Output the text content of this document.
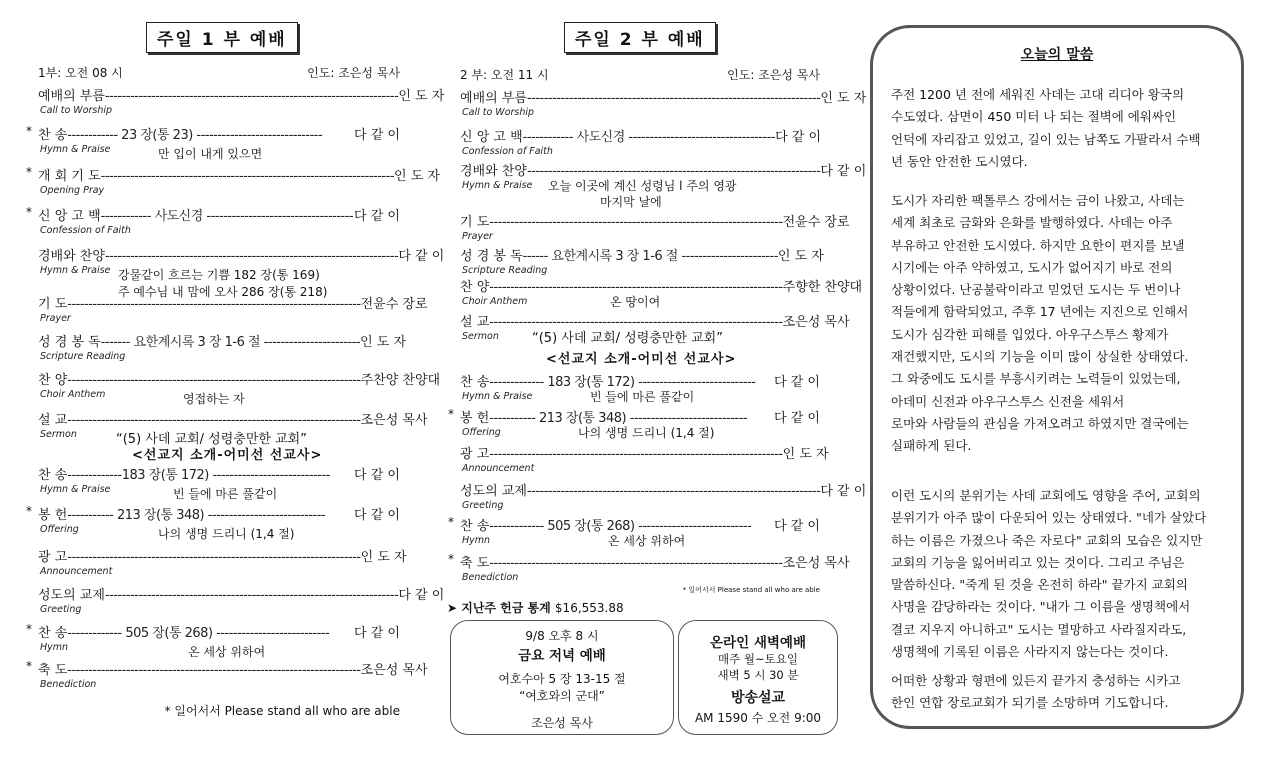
주일 1 부 예배
1부: 오전 08 시	인도: 조은성 목사
예배의 부름 ---------------------------------------------------------------------- 인 도 자
Call to Worship
* 찬 송 ------------ 23 장(통 23) ------------------------------	다 같 이
Hymn & Praise	만 입이 내게 있으면
* 개 회 기 도 ---------------------------------------------------------------------- 인 도 자
Opening Pray
* 신 앙 고 백 ------------ 사도신경 ----------------------------------- 다 같 이
Confession of Faith
경배와 찬양 ---------------------------------------------------------------------- 다 같 이
Hymn & Praise 강물같이 흐르는 기쁨 182 장(통 169)
주 예수님 내 맘에 오사 286 장(통 218)
기 도 ---------------------------------------------------------------------- 전윤수 장로
Prayer
성 경 봉 독 ------- 요한계시록 3 장 1-6 절 ----------------------- 인 도 자
Scripture Reading
찬 양 ---------------------------------------------------------------------- 주찬양 찬양대
Choir Anthem	영접하는 자
설 교 ---------------------------------------------------------------------- 조은성 목사
Sermon
찬 송 -------------183 장(통 172) ----------------------------	다 같 이
Hymn & Praise	빈 들에 마른 풀같이
* 봉 헌 ----------- 213 장(통 348) ----------------------------	다 같 이
Offering	나의 생명 드리니 (1,4 절)
광 고 ---------------------------------------------------------------------- 인 도 자
Announcement
성도의 교제 ---------------------------------------------------------------------- 다 같 이
Greeting
* 찬 송 ------------- 505 장(통 268) ---------------------------	다 같 이
Hymn	온 세상 위하여
* 축 도 ---------------------------------------------------------------------- 조은성 목사
Benediction
“(5) 사데 교회/ 성령충만한 교회”
<선교지 소개-어미선 선교사>
* 일어서서 Please stand all who are able
주일 2 부 예배
2 부: 오전 11 시	인도: 조은성 목사
예배의 부름 ---------------------------------------------------------------------- 인 도 자
Call to Worship
신 앙 고 백 ------------ 사도신경 ----------------------------------- 다 같 이
Confession of Faith
경배와 찬양 ---------------------------------------------------------------------- 다 같 이
Hymn & Praise 오늘 이곳에 계신 성령님 l 주의 영광
마지막 날에
기 도 ---------------------------------------------------------------------- 전윤수 장로
Prayer
성 경 봉 독 ------ 요한계시록 3 장 1-6 절 ----------------------- 인 도 자
Scripture Reading
찬 양 ---------------------------------------------------------------------- 주향한 찬양대
Choir Anthem	온 땅이여
설 교 ---------------------------------------------------------------------- 조은성 목사
Sermon
찬 송 ------------- 183 장(통 172) ----------------------------	다 같 이
Hymn & Praise	빈 들에 마른 풀같이
* 봉 헌 ----------- 213 장(통 348) ----------------------------	다 같 이
Offering	나의 생명 드리니 (1,4 절)
광 고 ---------------------------------------------------------------------- 인 도 자
Announcement
성도의 교제 ---------------------------------------------------------------------- 다 같 이
Greeting
* 찬 송 ------------- 505 장(통 268) ---------------------------	다 같 이
Hymn	온 세상 위하여
* 축 도 ---------------------------------------------------------------------- 조은성 목사
Benediction
“(5) 사데 교회/ 성령충만한 교회”
<선교지 소개-어미선 선교사>
* 일어서서 Please stand all who are able
➤ 지난주 헌금 통계 $16,553.88
9/8 오후 8 시
금요 저녁 예배
여호수아 5 장 13-15 절
“여호와의 군대”
조은성 목사
온라인 새벽예배
매주 월~토요일
새벽 5 시 30 분
방송설교
AM 1590 수 오전 9:00
오늘의 말씀
주전 1200 년 전에 세워진 사데는 고대 리디아 왕국의
수도였다. 삼면이 450 미터 나 되는 절벽에 에워싸인
언덕에 자리잡고 있었고, 길이 있는 남쪽도 가팔라서 수백
년 동안 안전한 도시였다.
도시가 자리한 팩톨루스 강에서는 금이 나왔고, 사데는
세계 최초로 금화와 은화를 발행하였다. 사데는 아주
부유하고 안전한 도시였다. 하지만 요한이 편지를 보낼
시기에는 아주 약하였고, 도시가 없어지기 바로 전의
상황이었다. 난공불락이라고 믿었던 도시는 두 번이나
적들에게 함락되었고, 주후 17 년에는 지진으로 인해서
도시가 심각한 피해를 입었다. 아우구스투스 황제가
재건했지만, 도시의 기능을 이미 많이 상실한 상태였다.
그 와중에도 도시를 부흥시키려는 노력들이 있었는데,
아데미 신전과 아우구스투스 신전을 세워서
로마와 사람들의 관심을 가져오려고 하였지만 결국에는
실패하게 된다.
이런 도시의 분위기는 사데 교회에도 영향을 주어, 교회의
분위기가 아주 많이 다운되어 있는 상태였다. "네가 살았다
하는 이름은 가졌으나 죽은 자로다" 교회의 모습은 있지만
교회의 기능을 잃어버리고 있는 것이다. 그리고 주님은
말씀하신다. "죽게 된 것을 온전히 하라" 끝가지 교회의
사명을 감당하라는 것이다. "내가 그 이름을 생명책에서
결코 지우지 아니하고" 도시는 멸망하고 사라질지라도,
생명책에 기록된 이름은 사라지지 않는다는 것이다.
어떠한 상황과 형편에 있든지 끝가지 충성하는 시카고
한인 연합 장로교회가 되기를 소망하며 기도합니다.
